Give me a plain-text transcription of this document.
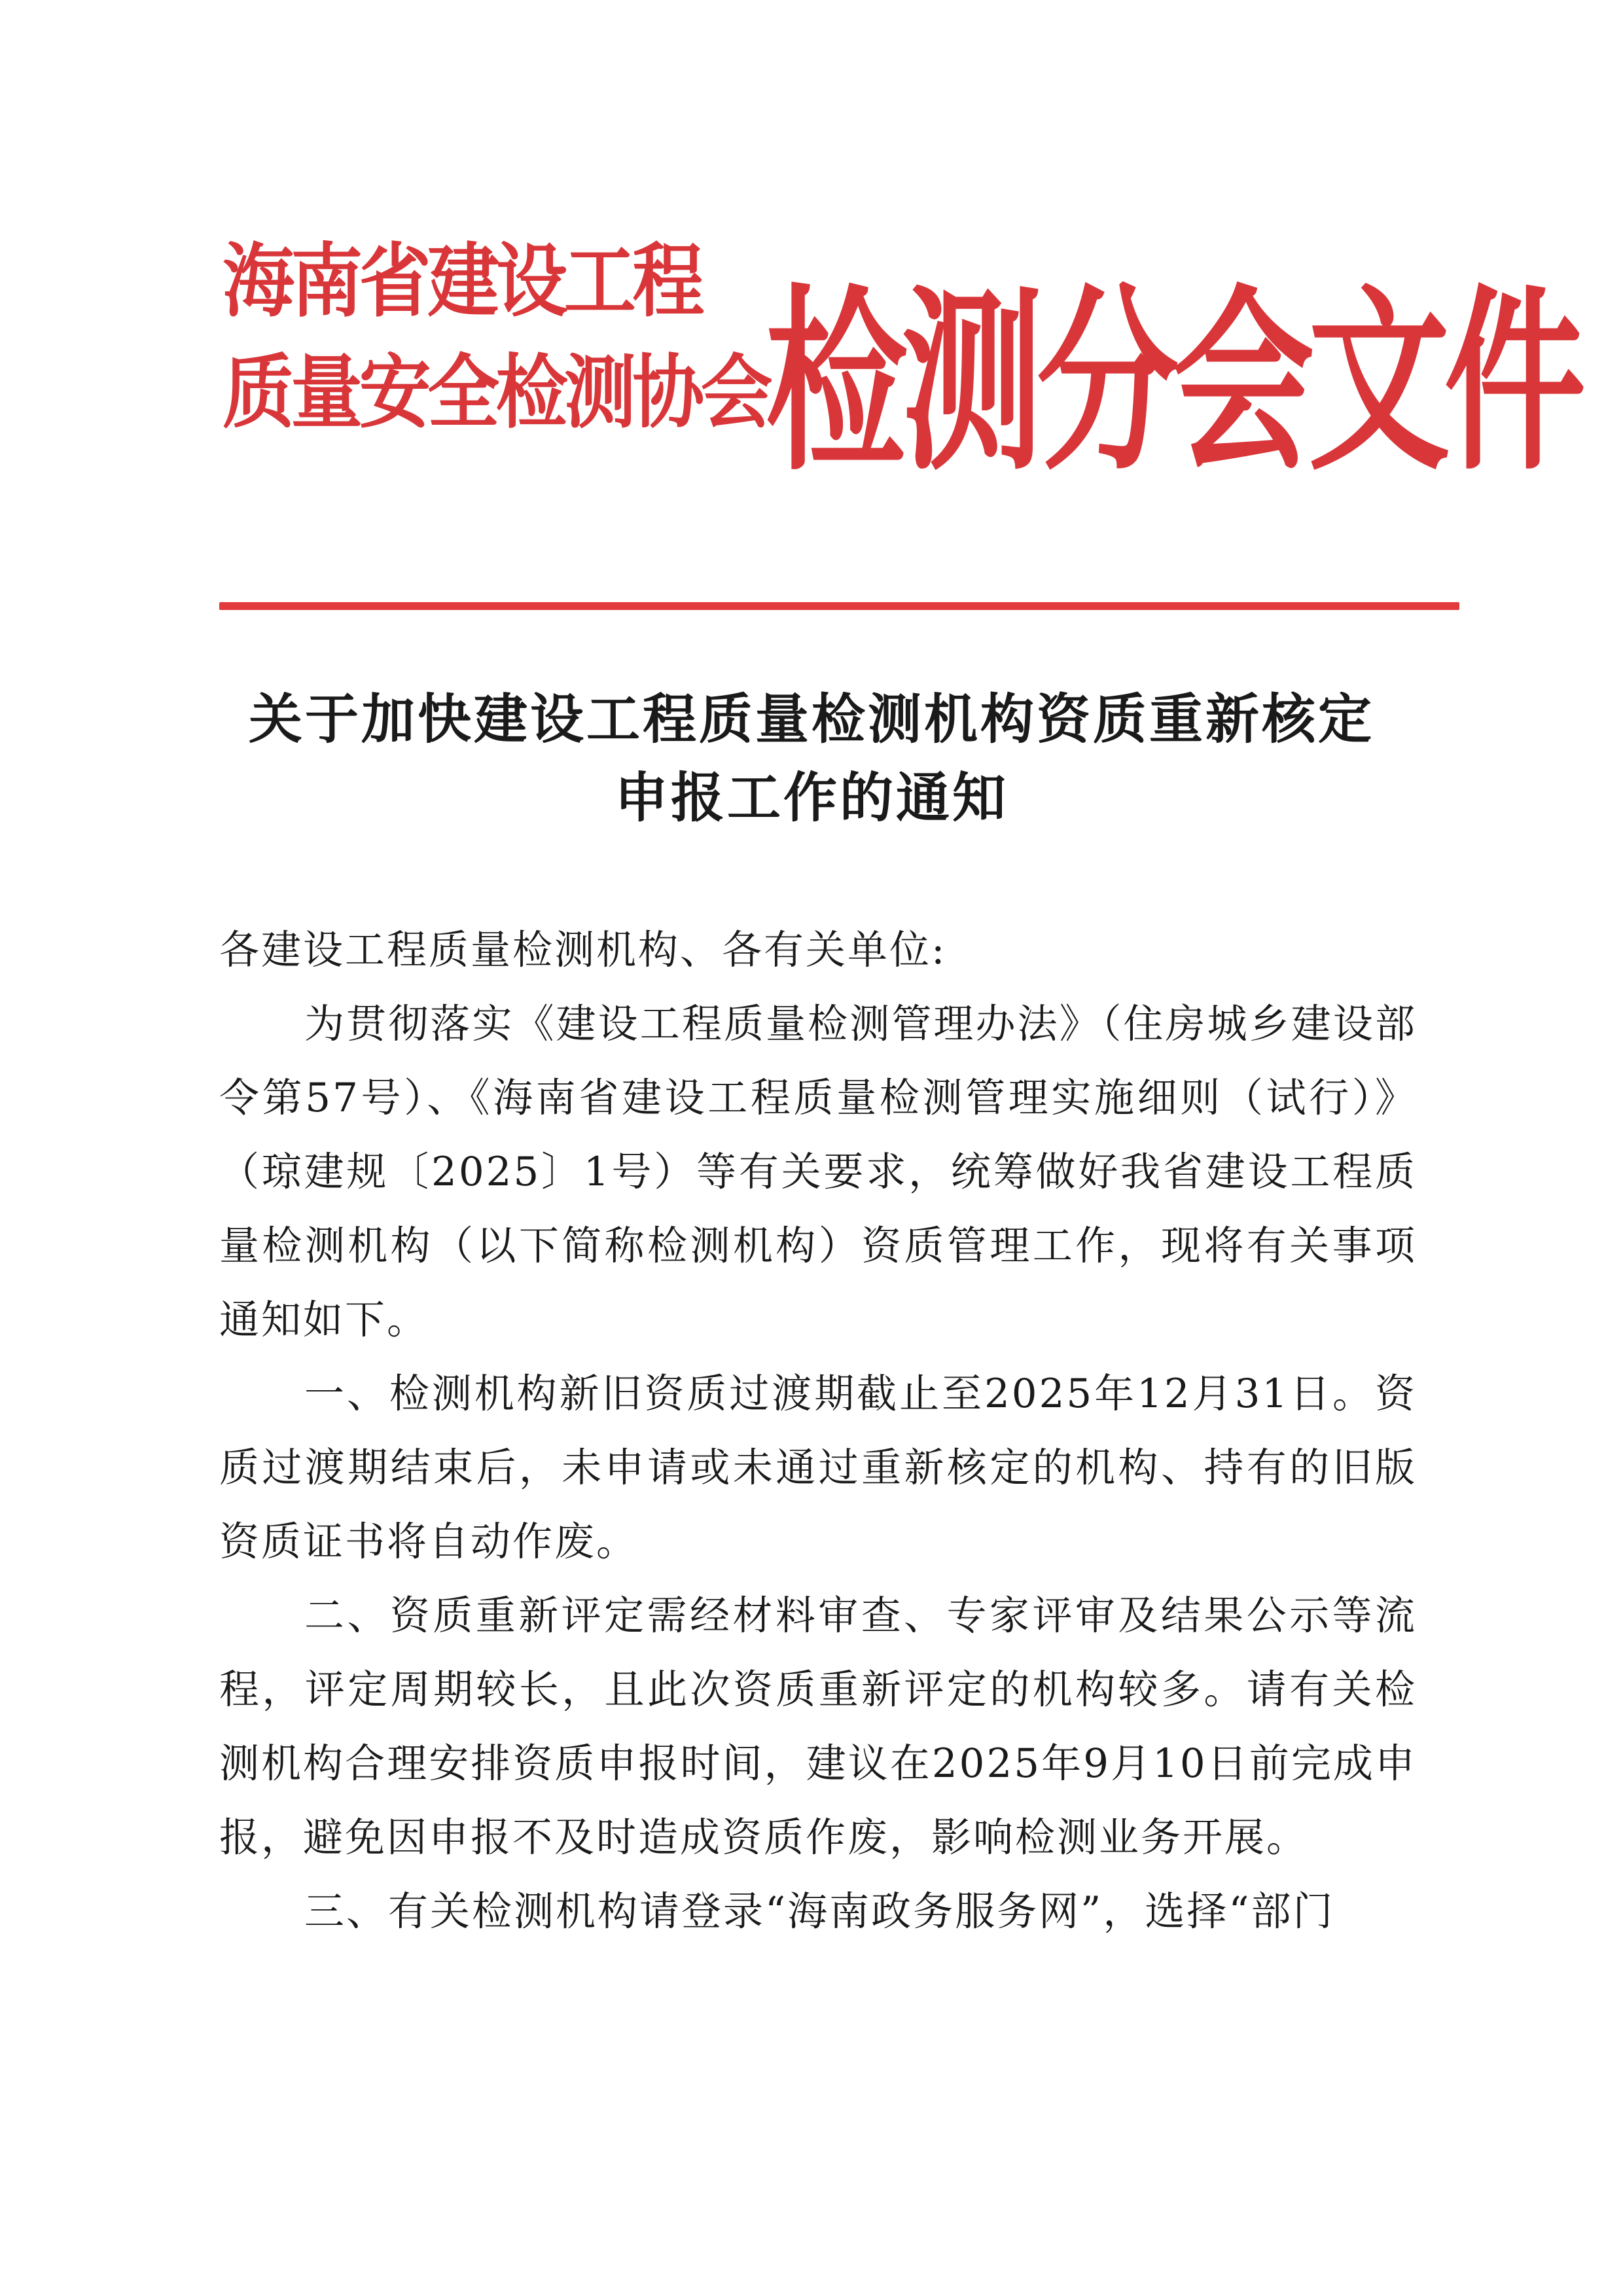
海南省建设工程
质量安全检测协会
检测分会文件
关于加快建设工程质量检测机构资质重新核定
申报工作的通知

各建设工程质量检测机构、各有关单位:

为贯彻落实《建设工程质量检测管理办法》（住房城乡建设部令第57号）、《海南省建设工程质量检测管理实施细则（试行）》（琼建规〔2025〕1号）等有关要求，统筹做好我省建设工程质量检测机构（以下简称检测机构）资质管理工作，现将有关事项通知如下。

一、检测机构新旧资质过渡期截止至2025年12月31日。资质过渡期结束后，未申请或未通过重新核定的机构、持有的旧版资质证书将自动作废。

二、资质重新评定需经材料审查、专家评审及结果公示等流程，评定周期较长，且此次资质重新评定的机构较多。请有关检测机构合理安排资质申报时间，建议在2025年9月10日前完成申报，避免因申报不及时造成资质作废，影响检测业务开展。

三、有关检测机构请登录“海南政务服务网”，选择“部门
